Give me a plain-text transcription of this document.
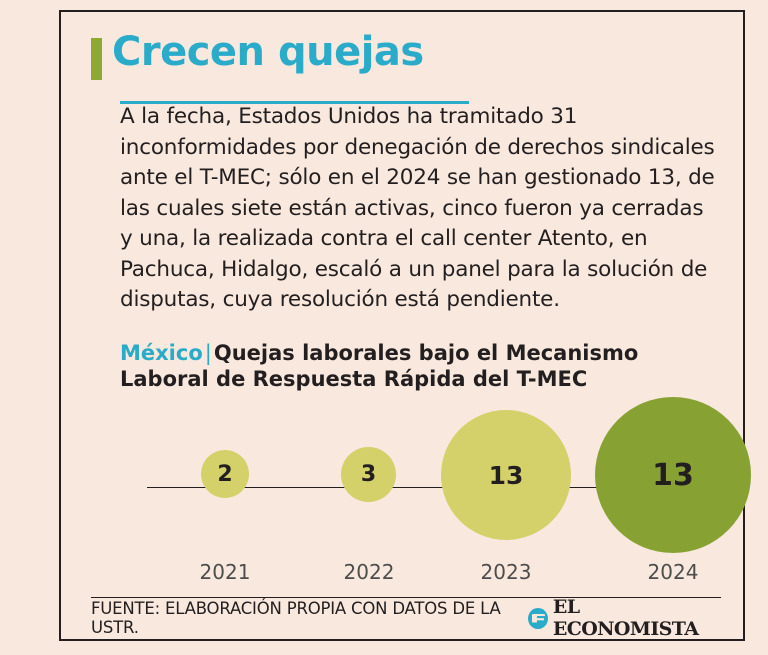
Crecen quejas
A la fecha, Estados Unidos ha tramitado 31 inconformidades por denegación de derechos sindicales ante el T-MEC; sólo en el 2024 se han gestionado 13, de las cuales siete están activas, cinco fueron ya cerradas y una, la realizada contra el call center Atento, en Pachuca, Hidalgo, escaló a un panel para la solución de disputas, cuya resolución está pendiente.
México|Quejas laborales bajo el Mecanismo Laboral de Respuesta Rápida del T-MEC
2	3	13	13
2021	2022	2023	2024
FUENTE: ELABORACIÓN PROPIA CON DATOS DE LA USTR.
EL ECONOMISTA
